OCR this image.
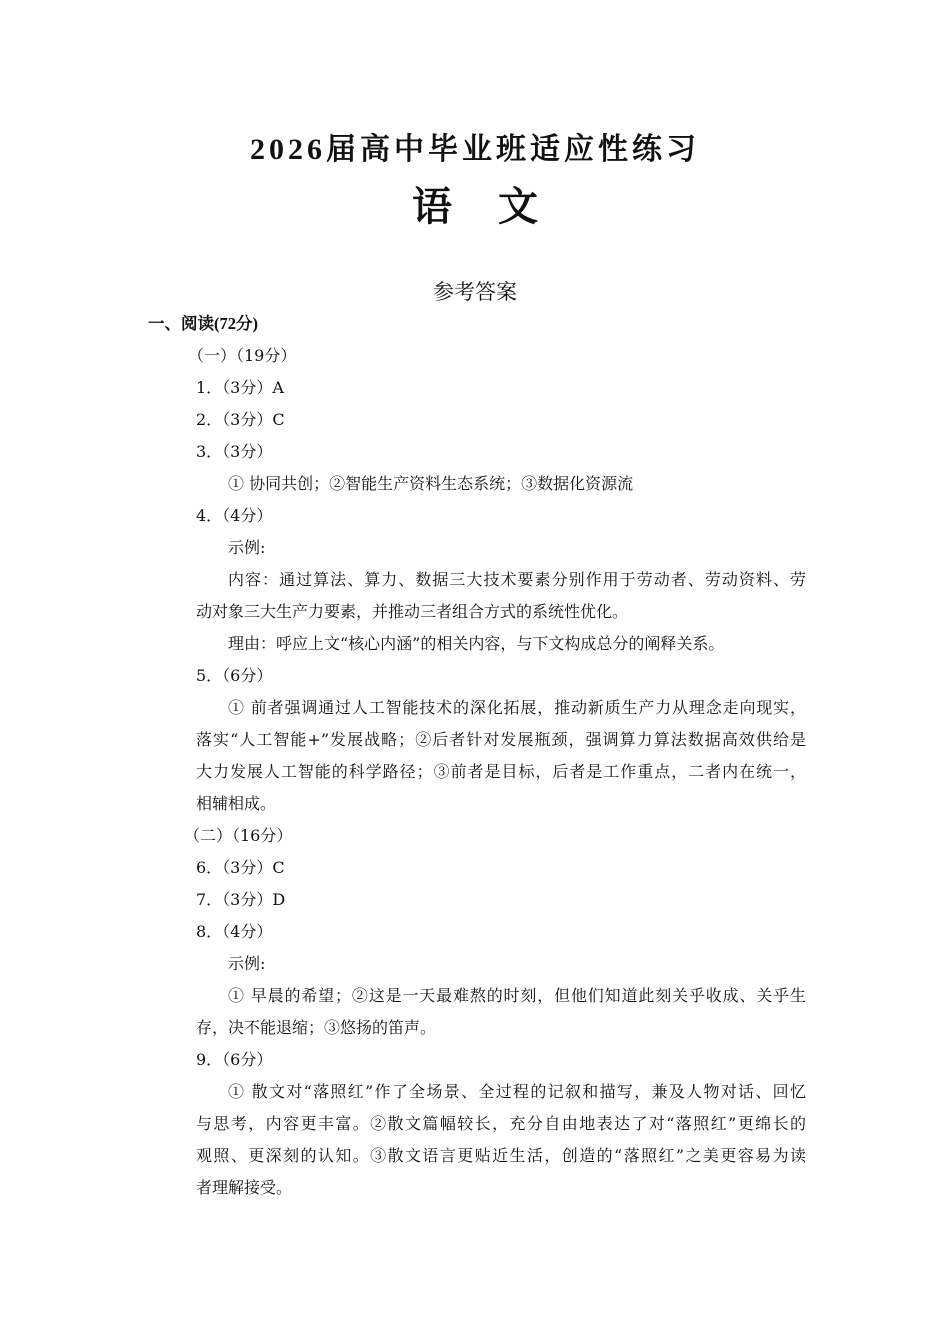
2026届高中毕业班适应性练习
语文
参考答案
一、阅读(72分)
（一）（19分）
1．（3分）A
2．（3分）C
3．（3分）
① 协同共创；②智能生产资料生态系统；③数据化资源流
4．（4分）
示例:
内容：通过算法、算力、数据三大技术要素分别作用于劳动者、劳动资料、劳
动对象三大生产力要素，并推动三者组合方式的系统性优化。
理由：呼应上文“核心内涵”的相关内容，与下文构成总分的阐释关系。
5．（6分）
① 前者强调通过人工智能技术的深化拓展，推动新质生产力从理念走向现实，
落实“人工智能+”发展战略；②后者针对发展瓶颈，强调算力算法数据高效供给是
大力发展人工智能的科学路径；③前者是目标，后者是工作重点，二者内在统一，
相辅相成。
（二）（16分）
6．（3分）C
7．（3分）D
8．（4分）
示例:
① 早晨的希望；②这是一天最难熬的时刻，但他们知道此刻关乎收成、关乎生
存，决不能退缩；③悠扬的笛声。
9．（6分）
① 散文对“落照红”作了全场景、全过程的记叙和描写，兼及人物对话、回忆
与思考，内容更丰富。②散文篇幅较长，充分自由地表达了对“落照红”更绵长的
观照、更深刻的认知。③散文语言更贴近生活，创造的“落照红”之美更容易为读
者理解接受。
